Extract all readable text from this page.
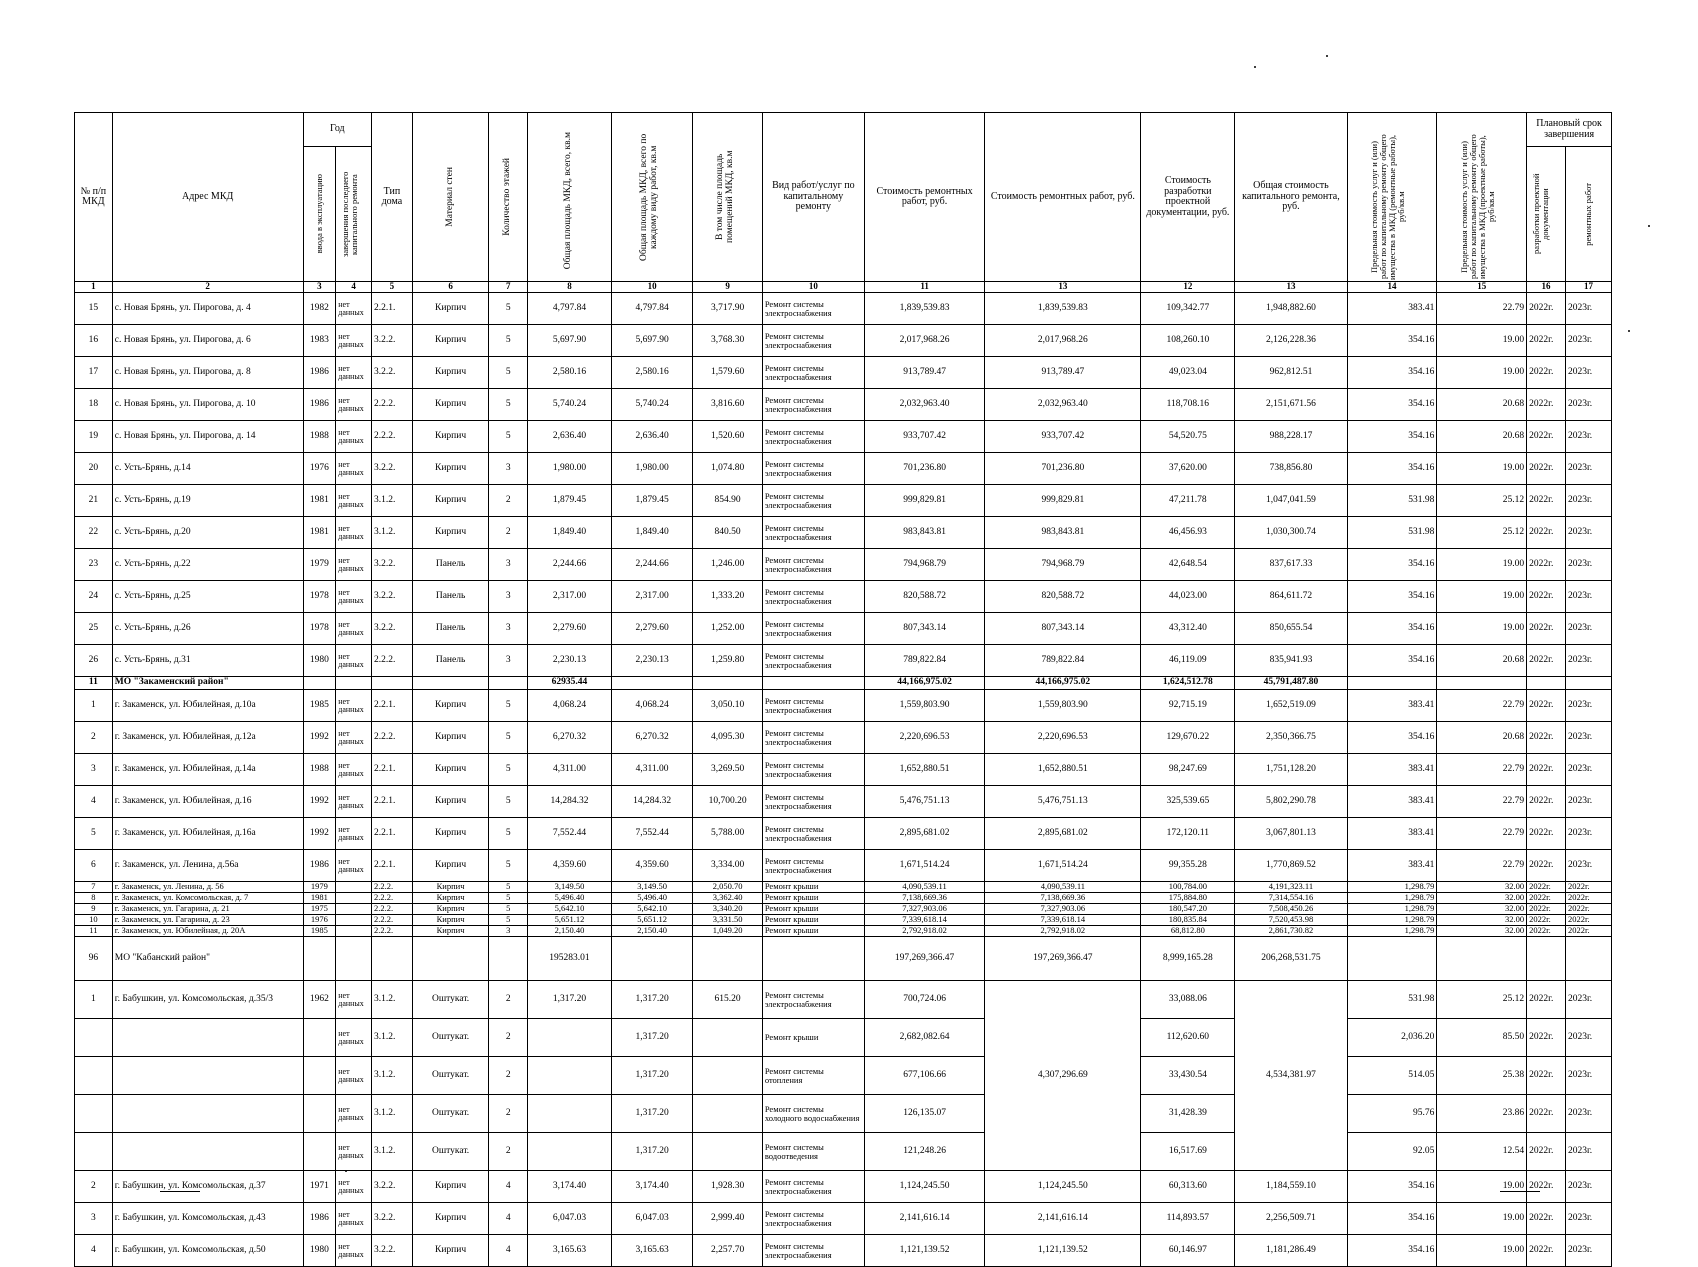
№ п/п МКД	Адрес МКД	Год		Тип дома	Материал стен	Количество этажей	Общая площадь МКД, всего, кв.м	Общая площадь МКД, всего по каждому виду работ, кв.м	В том числе площадь помещений МКД, кв.м	Вид работ/услуг по капитальному ремонту	Стоимость ремонтных работ, руб.	Стоимость ремонтных работ, руб.	Стоимость разработки проектной документации, руб.	Общая стоимость капитального ремонта, руб.	Предельная стоимость услуг и (или) работ по капитальному ремонту общего имущества в МКД (ремонтные работы), руб/кв.м	Предельная стоимость услуг и (или) работ по капитальному ремонту общего имущества в МКД (проектные работы), руб/кв.м	Плановый срок завершения	

		ввода в эксплуатацию	завершения последнего капитального ремонта														разработки проектной документации	ремонтных работ

1	2	3	4	5	6	7	8	10	9	10	11	13	12	13	14	15	16	17
15	с. Новая Брянь, ул. Пирогова, д. 4	1982	нет данных	2.2.1.	Кирпич	5	4,797.84	4,797.84	3,717.90	Ремонт системы электроснабжения	1,839,539.83	1,839,539.83	109,342.77	1,948,882.60	383.41	22.79	2022г.	2023г.
16	с. Новая Брянь, ул. Пирогова, д. 6	1983	нет данных	3.2.2.	Кирпич	5	5,697.90	5,697.90	3,768.30	Ремонт системы электроснабжения	2,017,968.26	2,017,968.26	108,260.10	2,126,228.36	354.16	19.00	2022г.	2023г.
17	с. Новая Брянь, ул. Пирогова, д. 8	1986	нет данных	3.2.2.	Кирпич	5	2,580.16	2,580.16	1,579.60	Ремонт системы электроснабжения	913,789.47	913,789.47	49,023.04	962,812.51	354.16	19.00	2022г.	2023г.
18	с. Новая Брянь, ул. Пирогова, д. 10	1986	нет данных	2.2.2.	Кирпич	5	5,740.24	5,740.24	3,816.60	Ремонт системы электроснабжения	2,032,963.40	2,032,963.40	118,708.16	2,151,671.56	354.16	20.68	2022г.	2023г.
19	с. Новая Брянь, ул. Пирогова, д. 14	1988	нет данных	2.2.2.	Кирпич	5	2,636.40	2,636.40	1,520.60	Ремонт системы электроснабжения	933,707.42	933,707.42	54,520.75	988,228.17	354.16	20.68	2022г.	2023г.
20	с. Усть-Брянь, д.14	1976	нет данных	3.2.2.	Кирпич	3	1,980.00	1,980.00	1,074.80	Ремонт системы электроснабжения	701,236.80	701,236.80	37,620.00	738,856.80	354.16	19.00	2022г.	2023г.
21	с. Усть-Брянь, д.19	1981	нет данных	3.1.2.	Кирпич	2	1,879.45	1,879.45	854.90	Ремонт системы электроснабжения	999,829.81	999,829.81	47,211.78	1,047,041.59	531.98	25.12	2022г.	2023г.
22	с. Усть-Брянь, д.20	1981	нет данных	3.1.2.	Кирпич	2	1,849.40	1,849.40	840.50	Ремонт системы электроснабжения	983,843.81	983,843.81	46,456.93	1,030,300.74	531.98	25.12	2022г.	2023г.
23	с. Усть-Брянь, д.22	1979	нет данных	3.2.2.	Панель	3	2,244.66	2,244.66	1,246.00	Ремонт системы электроснабжения	794,968.79	794,968.79	42,648.54	837,617.33	354.16	19.00	2022г.	2023г.
24	с. Усть-Брянь, д.25	1978	нет данных	3.2.2.	Панель	3	2,317.00	2,317.00	1,333.20	Ремонт системы электроснабжения	820,588.72	820,588.72	44,023.00	864,611.72	354.16	19.00	2022г.	2023г.
25	с. Усть-Брянь, д.26	1978	нет данных	3.2.2.	Панель	3	2,279.60	2,279.60	1,252.00	Ремонт системы электроснабжения	807,343.14	807,343.14	43,312.40	850,655.54	354.16	19.00	2022г.	2023г.
26	с. Усть-Брянь, д.31	1980	нет данных	2.2.2.	Панель	3	2,230.13	2,230.13	1,259.80	Ремонт системы электроснабжения	789,822.84	789,822.84	46,119.09	835,941.93	354.16	20.68	2022г.	2023г.
11	МО "Закаменский район"						62935.44				44,166,975.02	44,166,975.02	1,624,512.78	45,791,487.80				
1	г. Закаменск, ул. Юбилейная, д.10а	1985	нет данных	2.2.1.	Кирпич	5	4,068.24	4,068.24	3,050.10	Ремонт системы электроснабжения	1,559,803.90	1,559,803.90	92,715.19	1,652,519.09	383.41	22.79	2022г.	2023г.
2	г. Закаменск, ул. Юбилейная, д.12а	1992	нет данных	2.2.2.	Кирпич	5	6,270.32	6,270.32	4,095.30	Ремонт системы электроснабжения	2,220,696.53	2,220,696.53	129,670.22	2,350,366.75	354.16	20.68	2022г.	2023г.
3	г. Закаменск, ул. Юбилейная, д.14а	1988	нет данных	2.2.1.	Кирпич	5	4,311.00	4,311.00	3,269.50	Ремонт системы электроснабжения	1,652,880.51	1,652,880.51	98,247.69	1,751,128.20	383.41	22.79	2022г.	2023г.
4	г. Закаменск, ул. Юбилейная, д.16	1992	нет данных	2.2.1.	Кирпич	5	14,284.32	14,284.32	10,700.20	Ремонт системы электроснабжения	5,476,751.13	5,476,751.13	325,539.65	5,802,290.78	383.41	22.79	2022г.	2023г.
5	г. Закаменск, ул. Юбилейная, д.16а	1992	нет данных	2.2.1.	Кирпич	5	7,552.44	7,552.44	5,788.00	Ремонт системы электроснабжения	2,895,681.02	2,895,681.02	172,120.11	3,067,801.13	383.41	22.79	2022г.	2023г.
6	г. Закаменск, ул. Ленина, д.56а	1986	нет данных	2.2.1.	Кирпич	5	4,359.60	4,359.60	3,334.00	Ремонт системы электроснабжения	1,671,514.24	1,671,514.24	99,355.28	1,770,869.52	383.41	22.79	2022г.	2023г.
7	г. Закаменск, ул. Ленина, д. 56	1979		2.2.2.	Кирпич	5	3,149.50	3,149.50	2,050.70	Ремонт крыши	4,090,539.11	4,090,539.11	100,784.00	4,191,323.11	1,298.79	32.00	2022г.	2022г.
8	г. Закаменск, ул. Комсомольская, д. 7	1981		2.2.2.	Кирпич	5	5,496.40	5,496.40	3,362.40	Ремонт крыши	7,138,669.36	7,138,669.36	175,884.80	7,314,554.16	1,298.79	32.00	2022г.	2022г.
9	г. Закаменск, ул. Гагарина, д. 21	1975		2.2.2.	Кирпич	5	5,642.10	5,642.10	3,340.20	Ремонт крыши	7,327,903.06	7,327,903.06	180,547.20	7,508,450.26	1,298.79	32.00	2022г.	2022г.
10	г. Закаменск, ул. Гагарина, д. 23	1976		2.2.2.	Кирпич	5	5,651.12	5,651.12	3,331.50	Ремонт крыши	7,339,618.14	7,339,618.14	180,835.84	7,520,453.98	1,298.79	32.00	2022г.	2022г.
11	г. Закаменск, ул. Юбилейная, д. 20А	1985		2.2.2.	Кирпич	3	2,150.40	2,150.40	1,049.20	Ремонт крыши	2,792,918.02	2,792,918.02	68,812.80	2,861,730.82	1,298.79	32.00	2022г.	2022г.
96	МО "Кабанский район"						195283.01				197,269,366.47	197,269,366.47	8,999,165.28	206,268,531.75				
1	г. Бабушкин, ул. Комсомольская, д.35/3	1962	нет данных	3.1.2.	Оштукат.	2	1,317.20	1,317.20	615.20	Ремонт системы электроснабжения	700,724.06	4,307,296.69	33,088.06	4,534,381.97	531.98	25.12	2022г.	2023г.
			нет данных	3.1.2.	Оштукат.	2		1,317.20		Ремонт крыши	2,682,082.64		112,620.60		2,036.20	85.50	2022г.	2023г.
			нет данных	3.1.2.	Оштукат.	2		1,317.20		Ремонт системы отопления	677,106.66		33,430.54		514.05	25.38	2022г.	2023г.
			нет данных	3.1.2.	Оштукат.	2		1,317.20		Ремонт системы холодного водоснабжения	126,135.07		31,428.39		95.76	23.86	2022г.	2023г.
			нет данных	3.1.2.	Оштукат.	2		1,317.20		Ремонт системы водоотведения	121,248.26		16,517.69		92.05	12.54	2022г.	2023г.
2	г. Бабушкин, ул. Комсомольская, д.37	1971	нет данных	3.2.2.	Кирпич	4	3,174.40	3,174.40	1,928.30	Ремонт системы электроснабжения	1,124,245.50	1,124,245.50	60,313.60	1,184,559.10	354.16	19.00	2022г.	2023г.
3	г. Бабушкин, ул. Комсомольская, д.43	1986	нет данных	3.2.2.	Кирпич	4	6,047.03	6,047.03	2,999.40	Ремонт системы электроснабжения	2,141,616.14	2,141,616.14	114,893.57	2,256,509.71	354.16	19.00	2022г.	2023г.
4	г. Бабушкин, ул. Комсомольская, д.50	1980	нет данных	3.2.2.	Кирпич	4	3,165.63	3,165.63	2,257.70	Ремонт системы электроснабжения	1,121,139.52	1,121,139.52	60,146.97	1,181,286.49	354.16	19.00	2022г.	2023г.
